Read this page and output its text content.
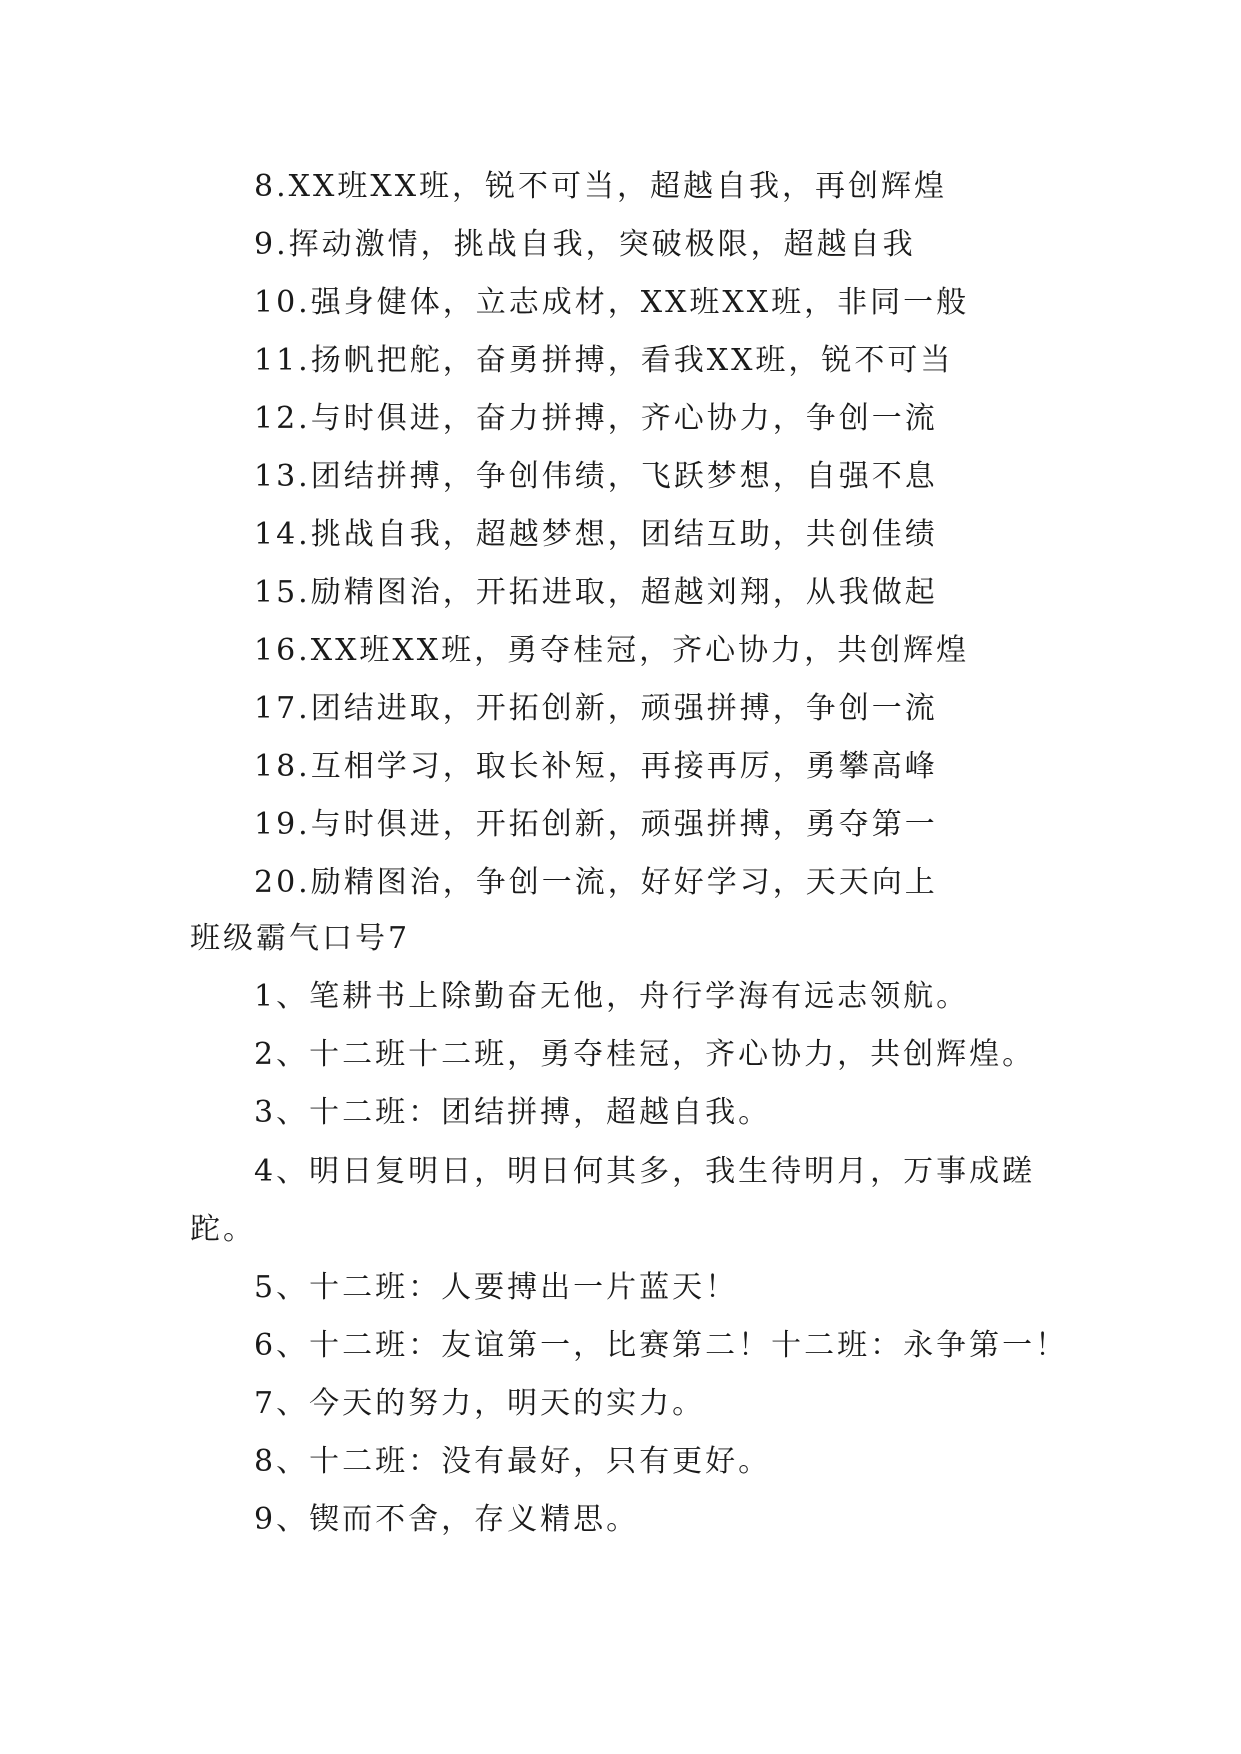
8.XX班XX班，锐不可当，超越自我，再创辉煌
9.挥动激情，挑战自我，突破极限，超越自我
10.强身健体，立志成材，XX班XX班，非同一般
11.扬帆把舵，奋勇拼搏，看我XX班，锐不可当
12.与时俱进，奋力拼搏，齐心协力，争创一流
13.团结拼搏，争创伟绩，飞跃梦想，自强不息
14.挑战自我，超越梦想，团结互助，共创佳绩
15.励精图治，开拓进取，超越刘翔，从我做起
16.XX班XX班，勇夺桂冠，齐心协力，共创辉煌
17.团结进取，开拓创新，顽强拼搏，争创一流
18.互相学习，取长补短，再接再厉，勇攀高峰
19.与时俱进，开拓创新，顽强拼搏，勇夺第一
20.励精图治，争创一流，好好学习，天天向上
班级霸气口号7
1、笔耕书上除勤奋无他，舟行学海有远志领航。
2、十二班十二班，勇夺桂冠，齐心协力，共创辉煌。
3、十二班：团结拼搏，超越自我。
4、明日复明日，明日何其多，我生待明月，万事成蹉
跎。
5、十二班：人要搏出一片蓝天！
6、十二班：友谊第一，比赛第二！十二班：永争第一！
7、今天的努力，明天的实力。
8、十二班：没有最好，只有更好。
9、锲而不舍，存义精思。
